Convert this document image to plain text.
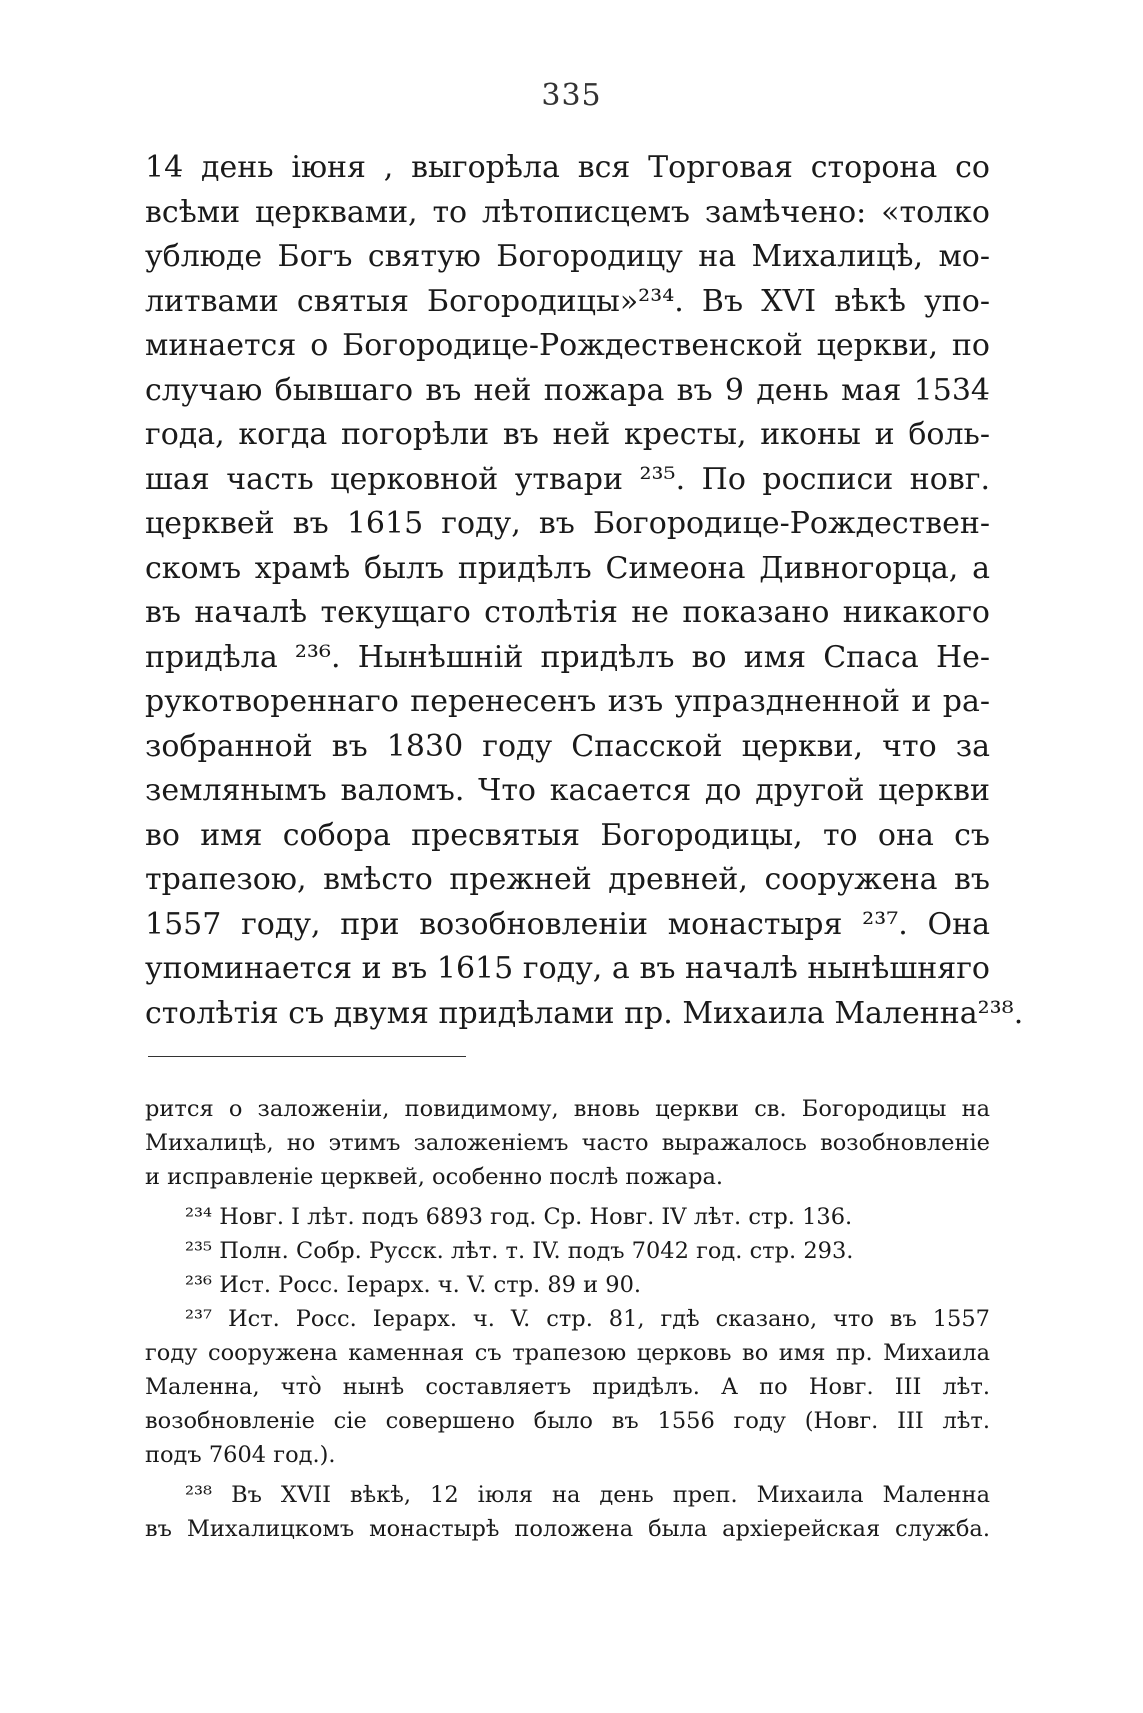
335
14 день iюня , выгорѣла вся Торговая сторона со
всѣми церквами, то лѣтописцемъ замѣчено: «толко
ублюде Богъ святую Богородицу на Михалицѣ, мо-
литвами святыя Богородицы»²³⁴. Въ XVI вѣкѣ упо-
минается о Богородице-Рождественской церкви, по
случаю бывшаго въ ней пожара въ 9 день мая 1534
года, когда погорѣли въ ней кресты, иконы и боль-
шая часть церковной утвари ²³⁵. По росписи новг.
церквей въ 1615 году, въ Богородице-Рождествен-
скомъ храмѣ былъ придѣлъ Симеона Дивногорца, а
въ началѣ текущаго столѣтiя не показано никакого
придѣла ²³⁶. Нынѣшнiй придѣлъ во имя Спаса Не-
рукотвореннаго перенесенъ изъ упраздненной и ра-
зобранной въ 1830 году Спасской церкви, что за
землянымъ валомъ. Что касается до другой церкви
во имя собора пресвятыя Богородицы, то она съ
трапезою, вмѣсто прежней древней, сооружена въ
1557 году, при возобновленiи монастыря ²³⁷. Она
упоминается и въ 1615 году, а въ началѣ нынѣшняго
столѣтiя съ двумя придѣлами пр. Михаила Маленна²³⁸.
рится о заложенiи, повидимому, вновь церкви св. Богородицы на
Михалицѣ, но этимъ заложенiемъ часто выражалось возобновленiе
и исправленiе церквей, особенно послѣ пожара.
²³⁴ Новг. I лѣт. подъ 6893 год. Ср. Новг. IV лѣт. стр. 136.
²³⁵ Полн. Собр. Русск. лѣт. т. IV. подъ 7042 год. стр. 293.
²³⁶ Ист. Росс. Iерарх. ч. V. стр. 89 и 90.
²³⁷ Ист. Росс. Iерарх. ч. V. стр. 81, гдѣ сказано, что въ 1557
году сооружена каменная съ трапезою церковь во имя пр. Михаила
Маленна, что̀ нынѣ составляетъ придѣлъ. А по Новг. III лѣт.
возобновленiе сiе совершено было въ 1556 году (Новг. III лѣт.
подъ 7604 год.).
²³⁸ Въ XVII вѣкѣ, 12 iюля на день преп. Михаила Маленна
въ Михалицкомъ монастырѣ положена была архiерейская служба.
